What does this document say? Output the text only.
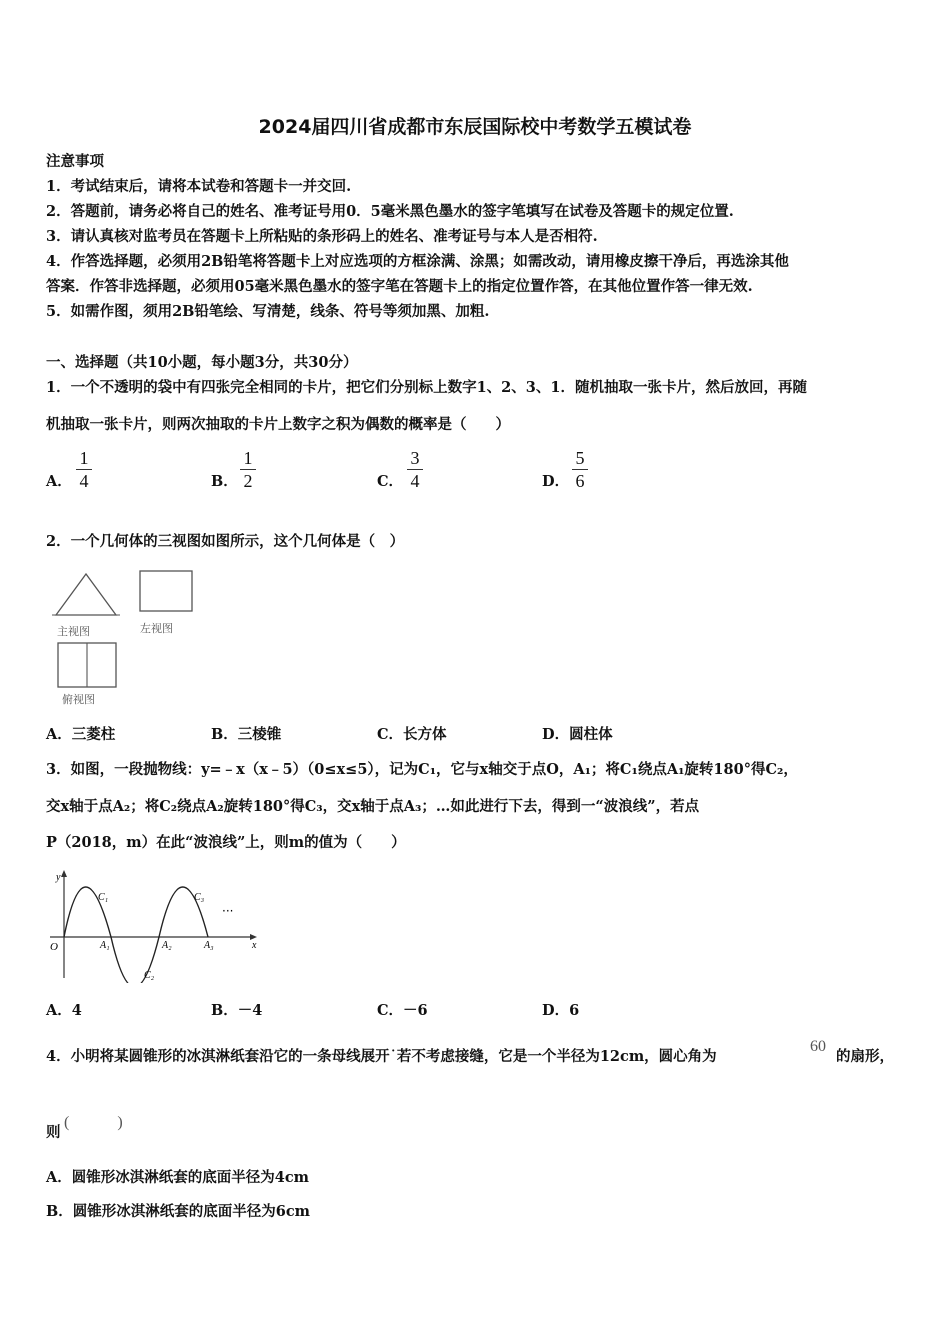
2024届四川省成都市东辰国际校中考数学五模试卷
注意事项
1．考试结束后，请将本试卷和答题卡一并交回.
2．答题前，请务必将自己的姓名、准考证号用0．5毫米黑色墨水的签字笔填写在试卷及答题卡的规定位置.
3．请认真核对监考员在答题卡上所粘贴的条形码上的姓名、准考证号与本人是否相符.
4．作答选择题，必须用2B铅笔将答题卡上对应选项的方框涂满、涂黑；如需改动，请用橡皮擦干净后，再选涂其他
答案．作答非选择题，必须用05毫米黑色墨水的签字笔在答题卡上的指定位置作答，在其他位置作答一律无效.
5．如需作图，须用2B铅笔绘、写清楚，线条、符号等须加黑、加粗.
一、选择题（共10小题，每小题3分，共30分）
1．一个不透明的袋中有四张完全相同的卡片，把它们分别标上数字1、2、3、1．随机抽取一张卡片，然后放回，再随
机抽取一张卡片，则两次抽取的卡片上数字之积为偶数的概率是（　　）
A．
1
4	B．
1
2	C．
3
4	D．
5
6
2．一个几何体的三视图如图所示，这个几何体是（　）
主视图	左视图
俯视图
A．三菱柱	B．三棱锥	C．长方体	D．圆柱体
3．如图，一段抛物线：y=﹣x（x﹣5）（0≤x≤5），记为C₁，它与x轴交于点O，A₁；将C₁绕点A₁旋转180°得C₂，
交x轴于点A₂；将C₂绕点A₂旋转180°得C₃，交x轴于点A₃；…如此进行下去，得到一“波浪线”，若点
P（2018，m）在此“波浪线”上，则m的值为（　　）
y
x
O
C₁
C₂
C₃
A₁	A₂	A₃
···
A．4	B．－4	C．－6	D．6
4．小明将某圆锥形的冰淇淋纸套沿它的一条母线展开˙若不考虑接缝，它是一个半径为12cm，圆心角为
60
的扇形，
则
(　　　)
A．圆锥形冰淇淋纸套的底面半径为4cm
B．圆锥形冰淇淋纸套的底面半径为6cm
